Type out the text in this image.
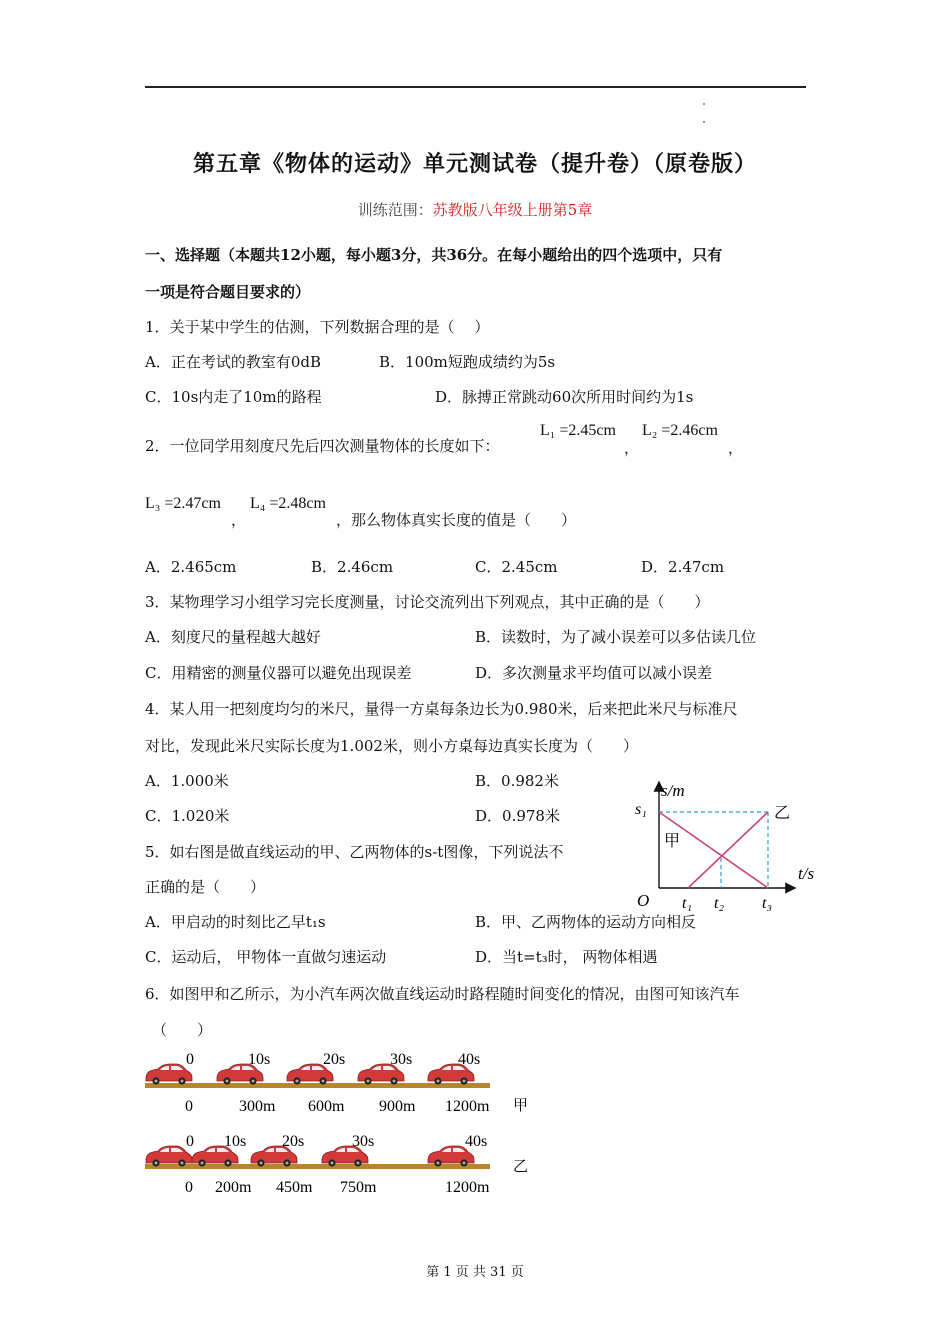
第五章《物体的运动》单元测试卷（提升卷）（原卷版）
训练范围：苏教版八年级上册第5章
一、选择题（本题共12小题，每小题3分，共36分。在每小题给出的四个选项中，只有
一项是符合题目要求的）
1．关于某中学生的估测，下列数据合理的是（　 ）
A．正在考试的教室有0dB	B．100m短跑成绩约为5s
C．10s内走了10m的路程	D．脉搏正常跳动60次所用时间约为1s
2．一位同学用刻度尺先后四次测量物体的长度如下：
L₁ =2.45cm
，
L₂ =2.46cm
，
L₃ =2.47cm
，
L₄ =2.48cm
，那么物体真实长度的值是（　　）
A．2.465cm	B．2.46cm	C．2.45cm	D．2.47cm
3．某物理学习小组学习完长度测量，讨论交流列出下列观点，其中正确的是（　　）
A．刻度尺的量程越大越好	B．读数时，为了减小误差可以多估读几位
C．用精密的测量仪器可以避免出现误差	D．多次测量求平均值可以减小误差
4．某人用一把刻度均匀的米尺，量得一方桌每条边长为0.980米，后来把此米尺与标准尺
对比，发现此米尺实际长度为1.002米，则小方桌每边真实长度为（　　）
A．1.000米	B．0.982米
C．1.020米	D．0.978米
s/m
t/s
O
s₁
t₁ t₂ t₃
甲
乙
5．如右图是做直线运动的甲、乙两物体的s-t图像，下列说法不
正确的是（　　）
A．甲启动的时刻比乙早t₁s	B．甲、乙两物体的运动方向相反
C．运动后， 甲物体一直做匀速运动	D．当t=t₃时， 两物体相遇
6．如图甲和乙所示，为小汽车两次做直线运动时路程随时间变化的情况，由图可知该汽车
（　　）
0	10s	20s	30s	40s
0	300m 600m 900m 1200m 甲
0 10s 20s	30s	40s
0 200m 450m 750m	1200m
乙
第 1 页 共 31 页
